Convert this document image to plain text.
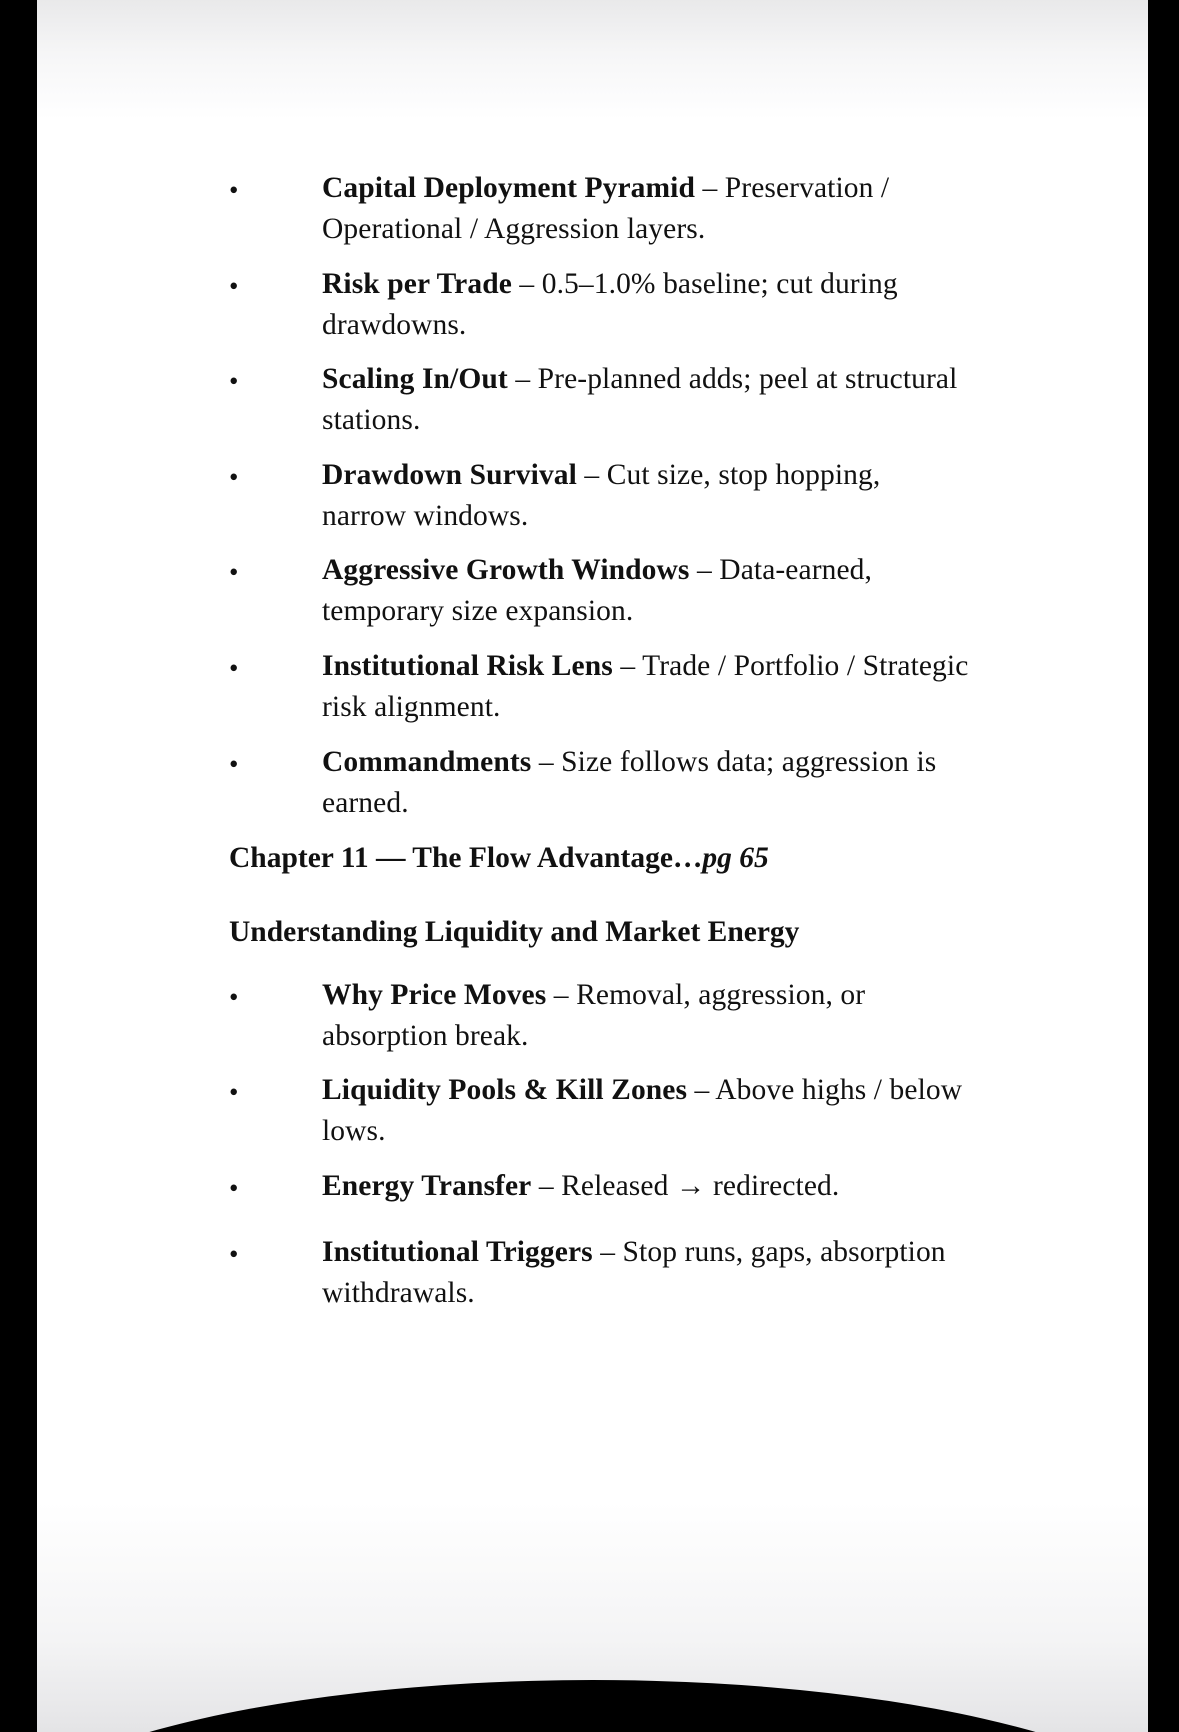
•	Capital Deployment Pyramid – Preservation / Operational / Aggression layers.
•	Risk per Trade – 0.5–1.0% baseline; cut during drawdowns.
•	Scaling In/Out – Pre-planned adds; peel at structural stations.
•	Drawdown Survival – Cut size, stop hopping, narrow windows.
•	Aggressive Growth Windows – Data-earned, temporary size expansion.
•	Institutional Risk Lens – Trade / Portfolio / Strategic risk alignment.
•	Commandments – Size follows data; aggression is earned.
Chapter 11 — The Flow Advantage…pg 65
Understanding Liquidity and Market Energy
•	Why Price Moves – Removal, aggression, or absorption break.
•	Liquidity Pools & Kill Zones – Above highs / below lows.
•	Energy Transfer – Released → redirected.
•	Institutional Triggers – Stop runs, gaps, absorption withdrawals.
